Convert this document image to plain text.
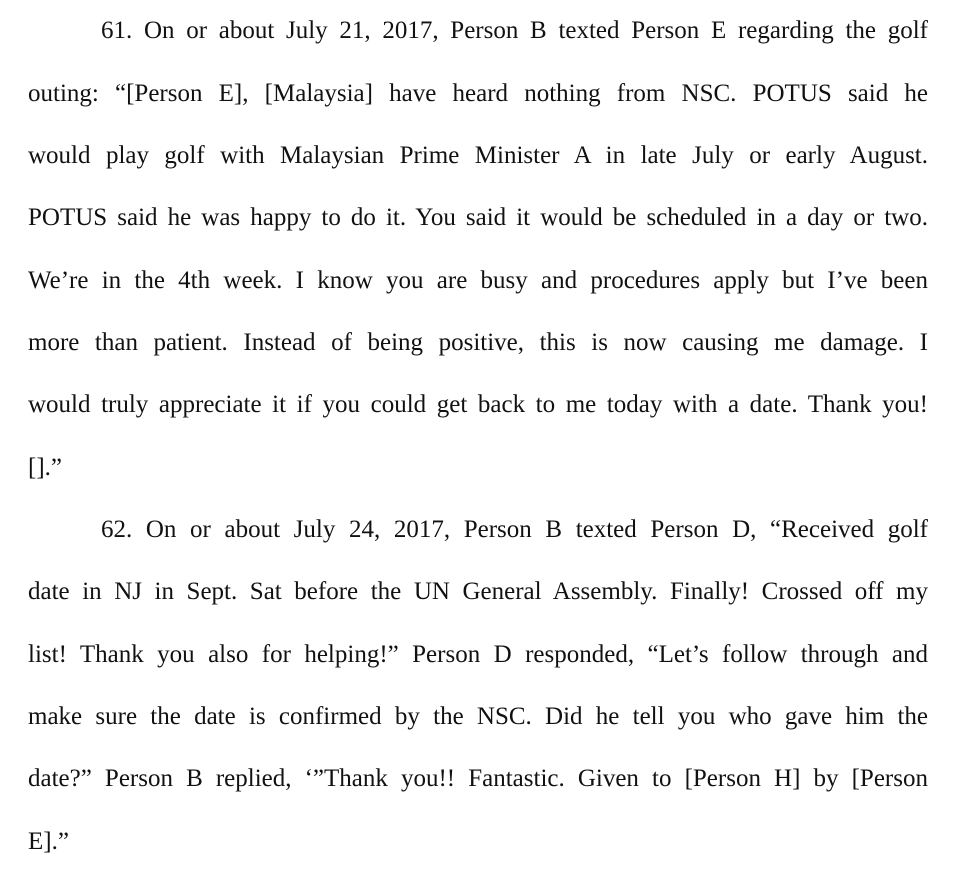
61. On or about July 21, 2017, Person B texted Person E regarding the golf
outing: “[Person E], [Malaysia] have heard nothing from NSC. POTUS said he
would play golf with Malaysian Prime Minister A in late July or early August.
POTUS said he was happy to do it. You said it would be scheduled in a day or two.
We’re in the 4th week. I know you are busy and procedures apply but I’ve been
more than patient. Instead of being positive, this is now causing me damage. I
would truly appreciate it if you could get back to me today with a date. Thank you!
[].”
62. On or about July 24, 2017, Person B texted Person D, “Received golf
date in NJ in Sept. Sat before the UN General Assembly. Finally! Crossed off my
list! Thank you also for helping!” Person D responded, “Let’s follow through and
make sure the date is confirmed by the NSC. Did he tell you who gave him the
date?” Person B replied, ‘”Thank you!! Fantastic. Given to [Person H] by [Person
E].”
